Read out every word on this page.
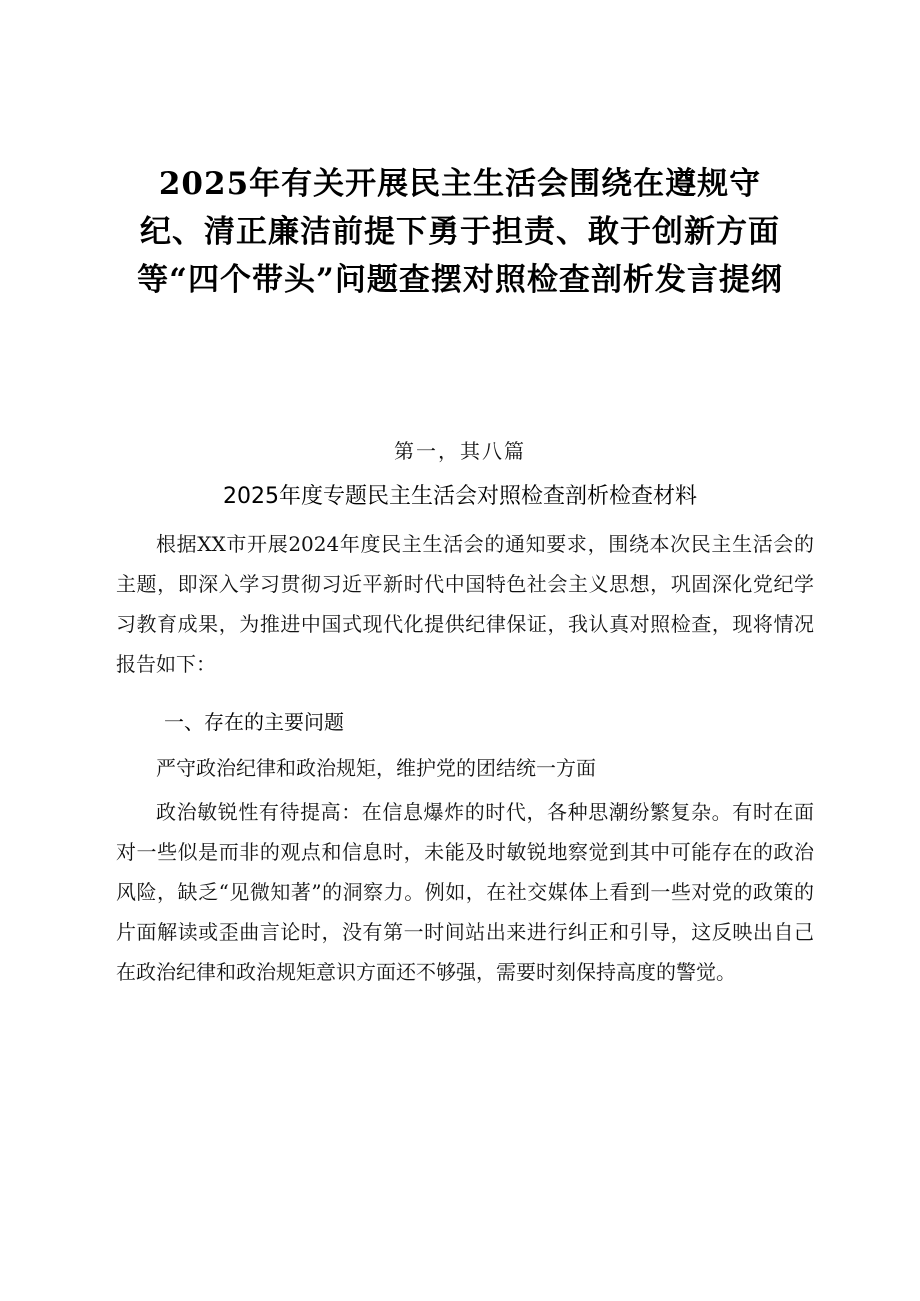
2025年有关开展民主生活会围绕在遵规守纪、清正廉洁前提下勇于担责、敢于创新方面等“四个带头”问题查摆对照检查剖析发言提纲
第一，其八篇
2025年度专题民主生活会对照检查剖析检查材料

根据XX市开展2024年度民主生活会的通知要求，围绕本次民主生活会的主题，即深入学习贯彻习近平新时代中国特色社会主义思想，巩固深化党纪学习教育成果，为推进中国式现代化提供纪律保证，我认真对照检查，现将情况报告如下：

一、存在的主要问题

严守政治纪律和政治规矩，维护党的团结统一方面

政治敏锐性有待提高：在信息爆炸的时代，各种思潮纷繁复杂。有时在面对一些似是而非的观点和信息时，未能及时敏锐地察觉到其中可能存在的政治风险，缺乏“见微知著”的洞察力。例如，在社交媒体上看到一些对党的政策的片面解读或歪曲言论时，没有第一时间站出来进行纠正和引导，这反映出自己在政治纪律和政治规矩意识方面还不够强，需要时刻保持高度的警觉。
